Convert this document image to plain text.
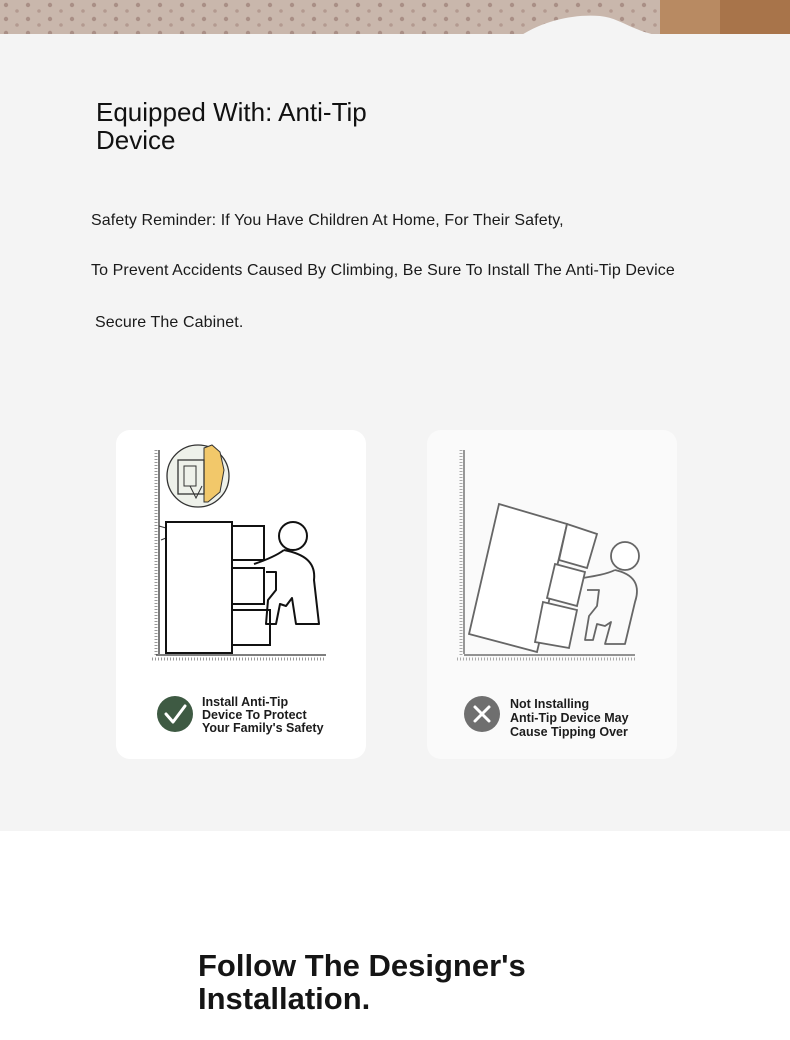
Equipped With: Anti-Tip Device

Safety Reminder: If You Have Children At Home, For Their Safety,

To Prevent Accidents Caused By Climbing, Be Sure To Install The Anti-Tip Device

Secure The Cabinet.

Install Anti-Tip
Device To Protect
Your Family's Safety
Not Installing
Anti-Tip Device May
Cause Tipping Over
Follow The Designer's Installation.
